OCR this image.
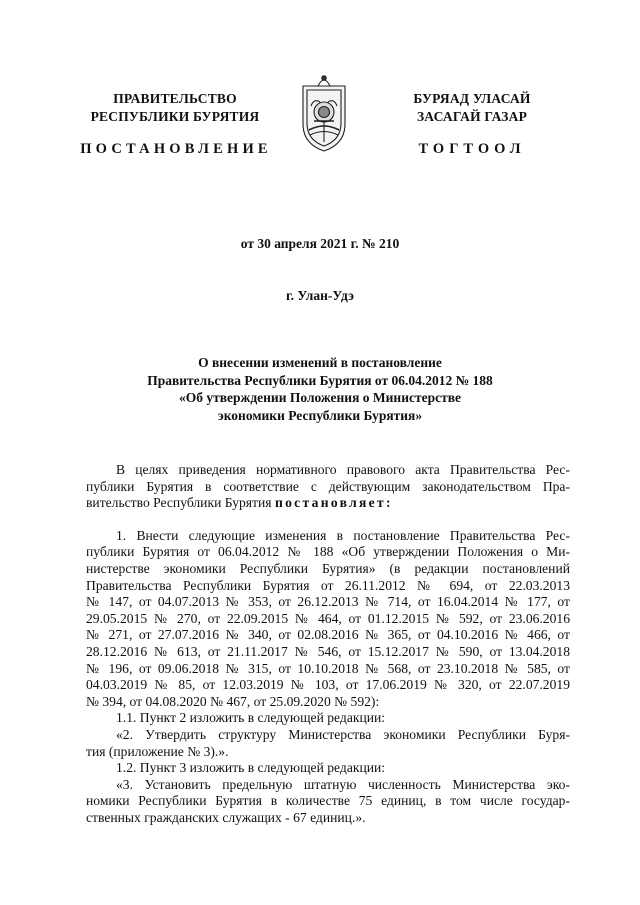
ПРАВИТЕЛЬСТВО
РЕСПУБЛИКИ БУРЯТИЯ
ПОСТАНОВЛЕНИЕ
БУРЯАД УЛАСАЙ
ЗАСАГАЙ ГАЗАР
ТОГТООЛ
от 30 апреля 2021 г. № 210
г. Улан-Удэ
О внесении изменений в постановление
Правительства Республики Бурятия от 06.04.2012 № 188
«Об утверждении Положения о Министерстве
экономики Республики Бурятия»
В целях приведения нормативного правового акта Правительства Рес-
публики Бурятия в соответствие с действующим законодательством Пра-
вительство Республики Бурятия постановляет:
1. Внести следующие изменения в постановление Правительства Рес-
публики Бурятия от 06.04.2012 № 188 «Об утверждении Положения о Ми-
нистерстве экономики Республики Бурятия» (в редакции постановлений
Правительства Республики Бурятия от 26.11.2012 № 694, от 22.03.2013
№ 147, от 04.07.2013 № 353, от 26.12.2013 № 714, от 16.04.2014 № 177, от
29.05.2015 № 270, от 22.09.2015 № 464, от 01.12.2015 № 592, от 23.06.2016
№ 271, от 27.07.2016 № 340, от 02.08.2016 № 365, от 04.10.2016 № 466, от
28.12.2016 № 613, от 21.11.2017 № 546, от 15.12.2017 № 590, от 13.04.2018
№ 196, от 09.06.2018 № 315, от 10.10.2018 № 568, от 23.10.2018 № 585, от
04.03.2019 № 85, от 12.03.2019 № 103, от 17.06.2019 № 320, от 22.07.2019
№ 394, от 04.08.2020 № 467, от 25.09.2020 № 592):
1.1. Пункт 2 изложить в следующей редакции:
«2. Утвердить структуру Министерства экономики Республики Буря-
тия (приложение № 3).».
1.2. Пункт 3 изложить в следующей редакции:
«3. Установить предельную штатную численность Министерства эко-
номики Республики Бурятия в количестве 75 единиц, в том числе государ-
ственных гражданских служащих - 67 единиц.».
